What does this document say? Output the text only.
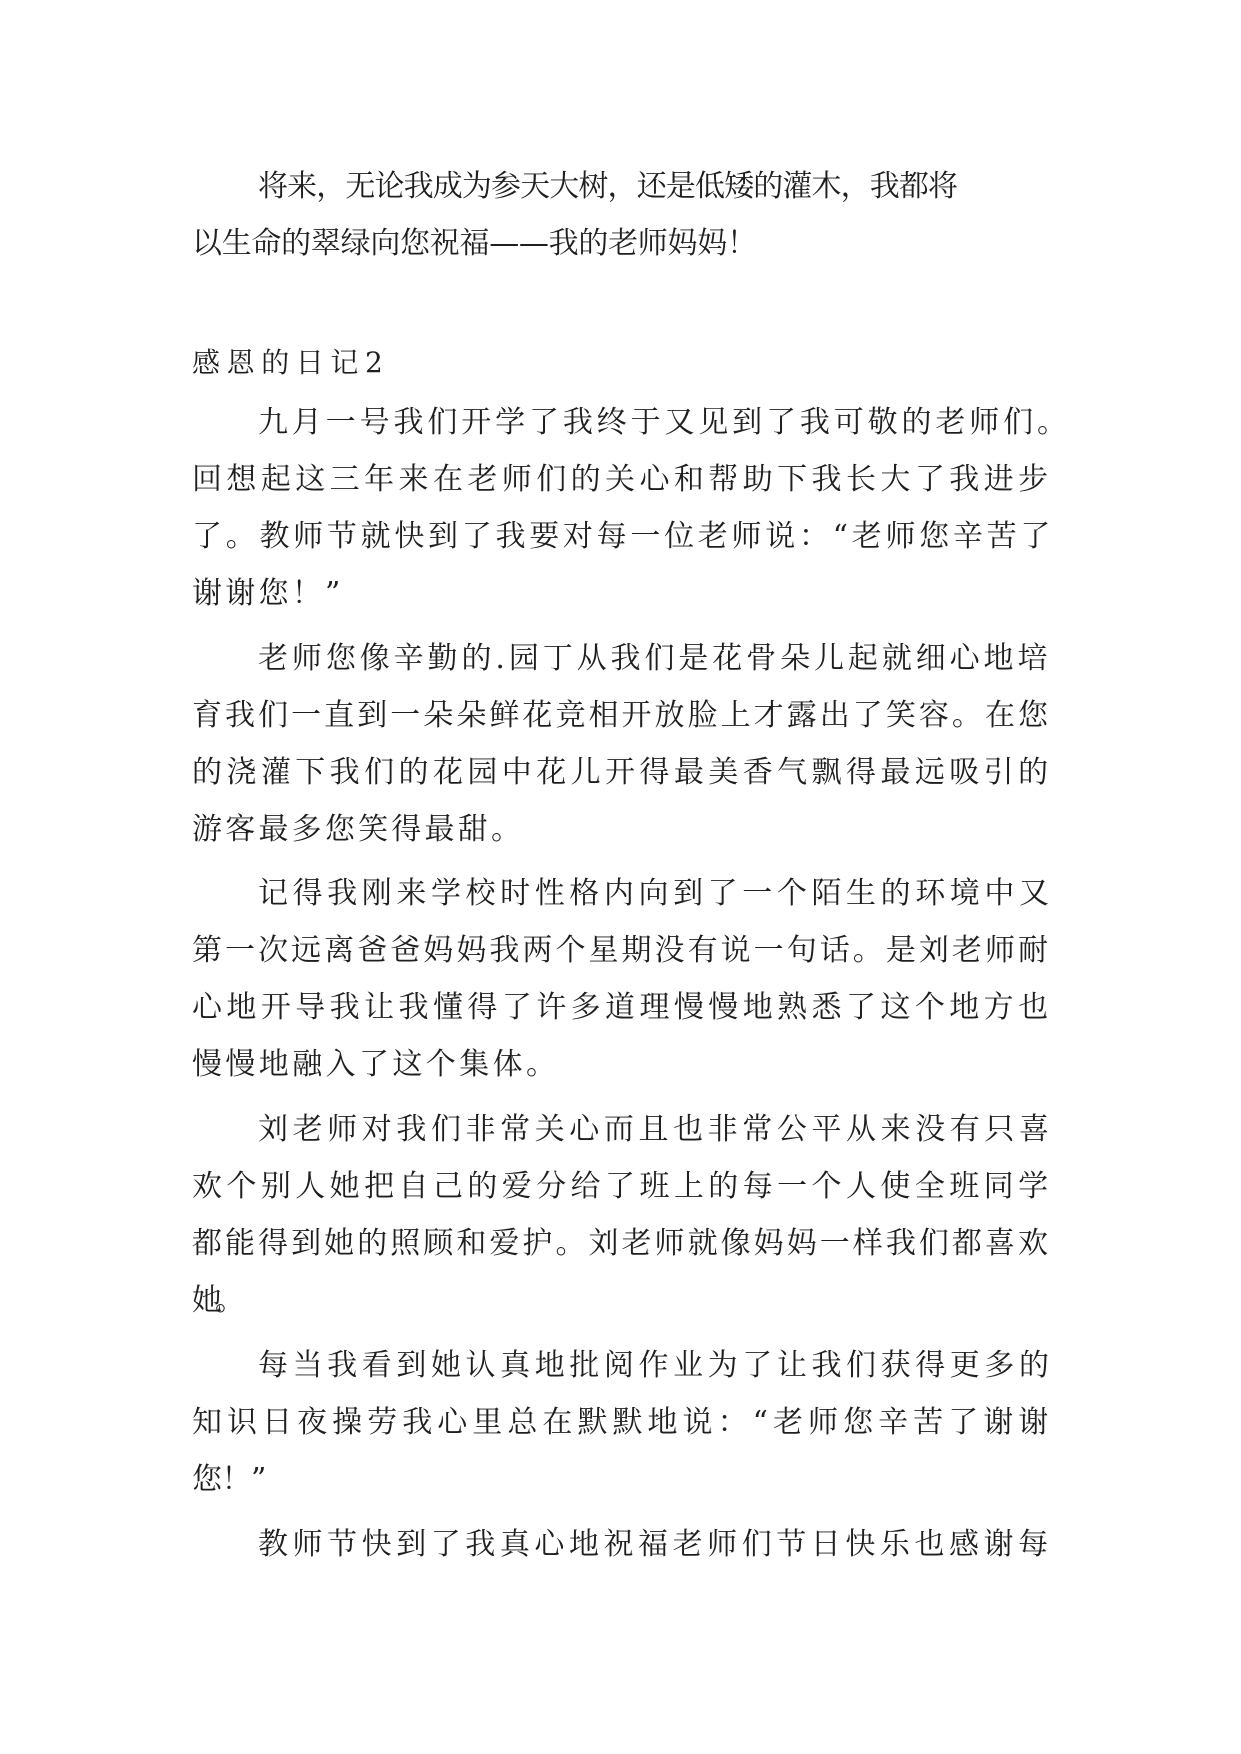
将来，无论我成为参天大树，还是低矮的灌木，我都将
以生命的翠绿向您祝福——我的老师妈妈！
感恩的日记2
九月一号我们开学了我终于又见到了我可敬的老师们。
回想起这三年来在老师们的关心和帮助下我长大了我进步
了。教师节就快到了我要对每一位老师说：“老师您辛苦了
谢谢您！”
老师您像辛勤的.园丁从我们是花骨朵儿起就细心地培
育我们一直到一朵朵鲜花竞相开放脸上才露出了笑容。在您
的浇灌下我们的花园中花儿开得最美香气飘得最远吸引的
游客最多您笑得最甜。
记得我刚来学校时性格内向到了一个陌生的环境中又
第一次远离爸爸妈妈我两个星期没有说一句话。是刘老师耐
心地开导我让我懂得了许多道理慢慢地熟悉了这个地方也
慢慢地融入了这个集体。
刘老师对我们非常关心而且也非常公平从来没有只喜
欢个别人她把自己的爱分给了班上的每一个人使全班同学
都能得到她的照顾和爱护。刘老师就像妈妈一样我们都喜欢
她。
每当我看到她认真地批阅作业为了让我们获得更多的
知识日夜操劳我心里总在默默地说：“老师您辛苦了谢谢
您！”
教师节快到了我真心地祝福老师们节日快乐也感谢每
